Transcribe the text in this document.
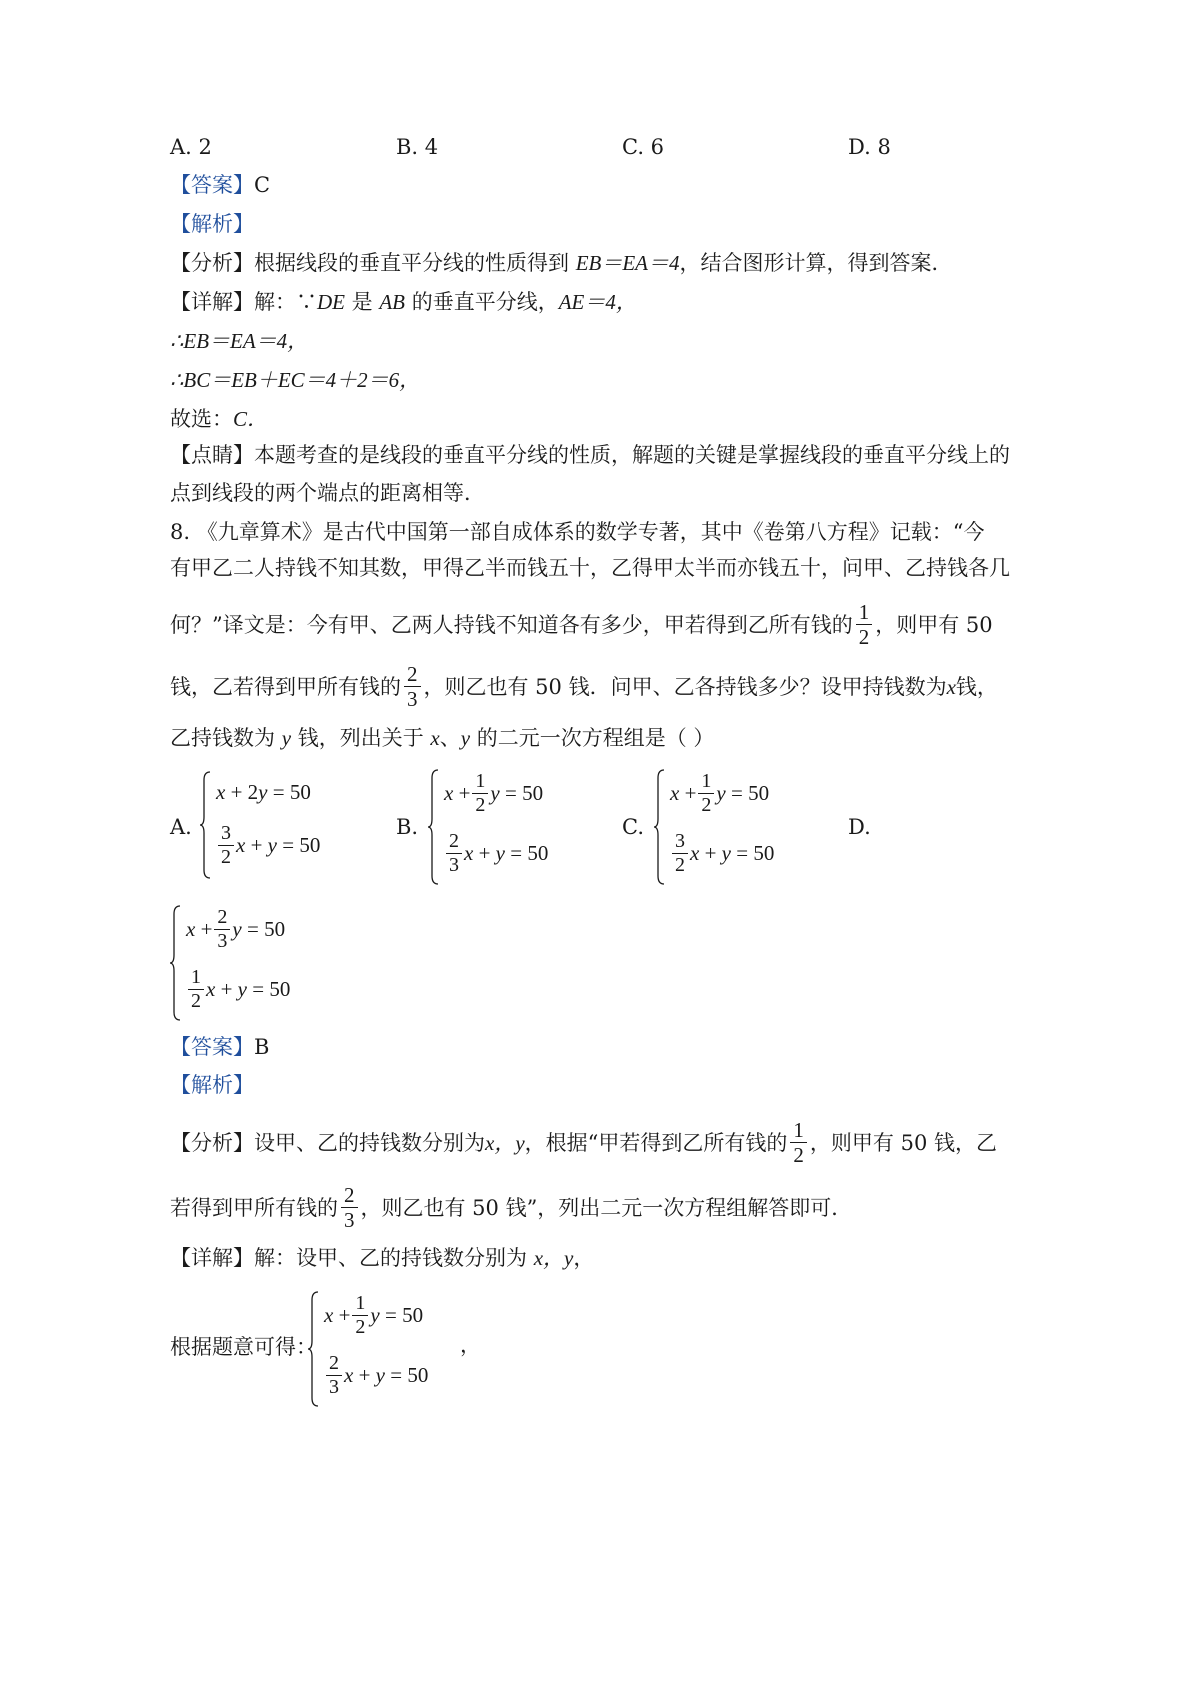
A. 2	B. 4	C. 6	D. 8
【答案】C
【解析】
【分析】根据线段的垂直平分线的性质得到 EB＝EA＝4，结合图形计算，得到答案．
【详解】解：∵DE 是 AB 的垂直平分线，AE＝4，
∴EB＝EA＝4，
∴BC＝EB＋EC＝4＋2＝6，
故选：C．
【点睛】本题考查的是线段的垂直平分线的性质，解题的关键是掌握线段的垂直平分线上的
点到线段的两个端点的距离相等．
8. 《九章算术》是古代中国第一部自成体系的数学专著，其中《卷第八方程》记载：“今
有甲乙二人持钱不知其数，甲得乙半而钱五十，乙得甲太半而亦钱五十，问甲、乙持钱各几
何？”译文是：今有甲、乙两人持钱不知道各有多少，甲若得到乙所有钱的 $\frac{1}{2}$ ，则甲有 50
钱，乙若得到甲所有钱的 $\frac{2}{3}$ ，则乙也有 50 钱．问甲、乙各持钱多少？设甲持钱数为 x 钱，
乙持钱数为 y 钱，列出关于 x、y 的二元一次方程组是（ ）
A.	B.	C.	D.
x
+
2 y
= 50
$\frac{3}{2}$ x
+
y
= 50
x
+ $\frac{1}{2}$ y
= 50
$\frac{2}{3}$ x
+
y
= 50
x
+ $\frac{1}{2}$ y
= 50
$\frac{3}{2}$ x
+
y
= 50
x
+ $\frac{2}{3}$ y
= 50
$\frac{1}{2}$ x
+
y
= 50
【答案】B
【解析】
【分析】 设甲、乙的持钱数分别为 x，y ，根据“甲若得到乙所有钱的 $\frac{1}{2}$ ，则甲有 50 钱，乙
若得到甲所有钱的 $\frac{2}{3}$ ，则乙也有 50 钱”，列出二元一次方程组解答即可．
【详解】解：设甲、乙的持钱数分别为 x，y，
根据题意可得：
x
+ $\frac{1}{2}$ y
= 50
$\frac{2}{3}$ x
+
y
= 50
，
